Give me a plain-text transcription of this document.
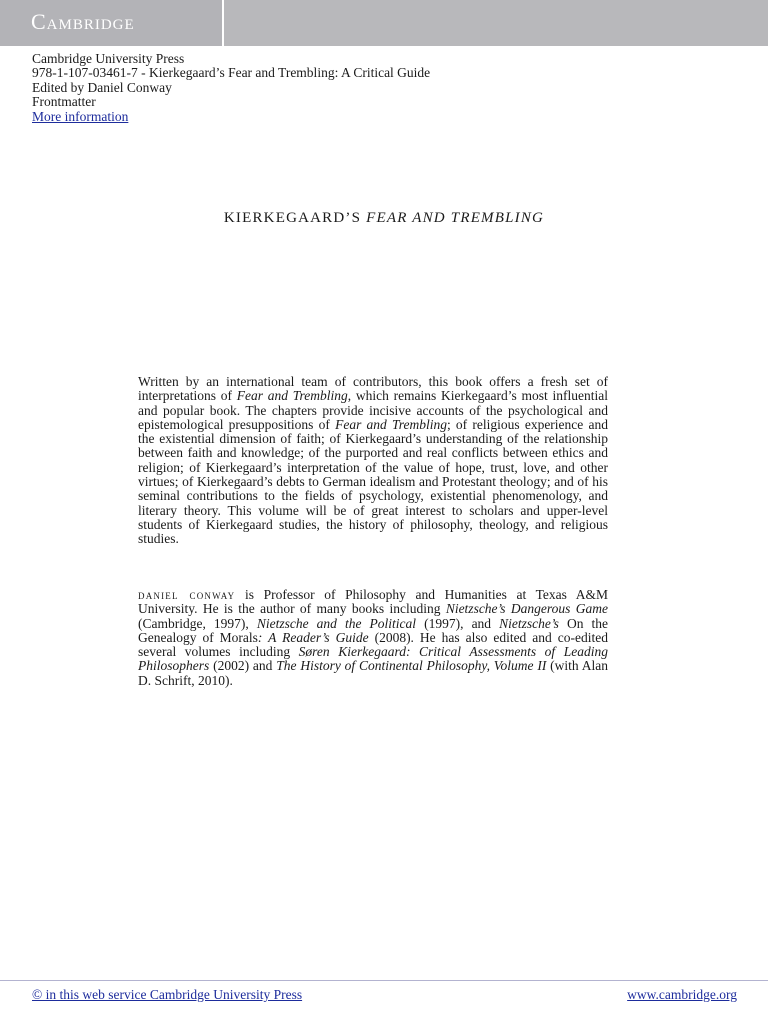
Cambridge
Cambridge University Press
978-1-107-03461-7 - Kierkegaard’s Fear and Trembling: A Critical Guide
Edited by Daniel Conway
Frontmatter
More information
KIERKEGAARD’S FEAR AND TREMBLING
Written by an international team of contributors, this book offers a fresh set of interpretations of Fear and Trembling, which remains Kierkegaard’s most influential and popular book. The chapters provide incisive accounts of the psychological and epistemological presuppositions of Fear and Trembling; of religious experience and the existential dimension of faith; of Kierkegaard’s understanding of the relationship between faith and knowledge; of the purported and real conflicts between ethics and religion; of Kierkegaard’s interpretation of the value of hope, trust, love, and other virtues; of Kierkegaard’s debts to German idealism and Protestant theology; and of his seminal contributions to the fields of psychology, existential phenomenology, and literary theory. This volume will be of great interest to scholars and upper-level students of Kierkegaard studies, the history of philosophy, theology, and religious studies.
daniel conway is Professor of Philosophy and Humanities at Texas A&M University. He is the author of many books including Nietzsche’s Dangerous Game (Cambridge, 1997), Nietzsche and the Political (1997), and Nietzsche’s On the Genealogy of Morals: A Reader’s Guide (2008). He has also edited and co-edited several volumes including Søren Kierkegaard: Critical Assessments of Leading Philosophers (2002) and The History of Continental Philosophy, Volume II (with Alan D. Schrift, 2010).
© in this web service Cambridge University Press	www.cambridge.org
